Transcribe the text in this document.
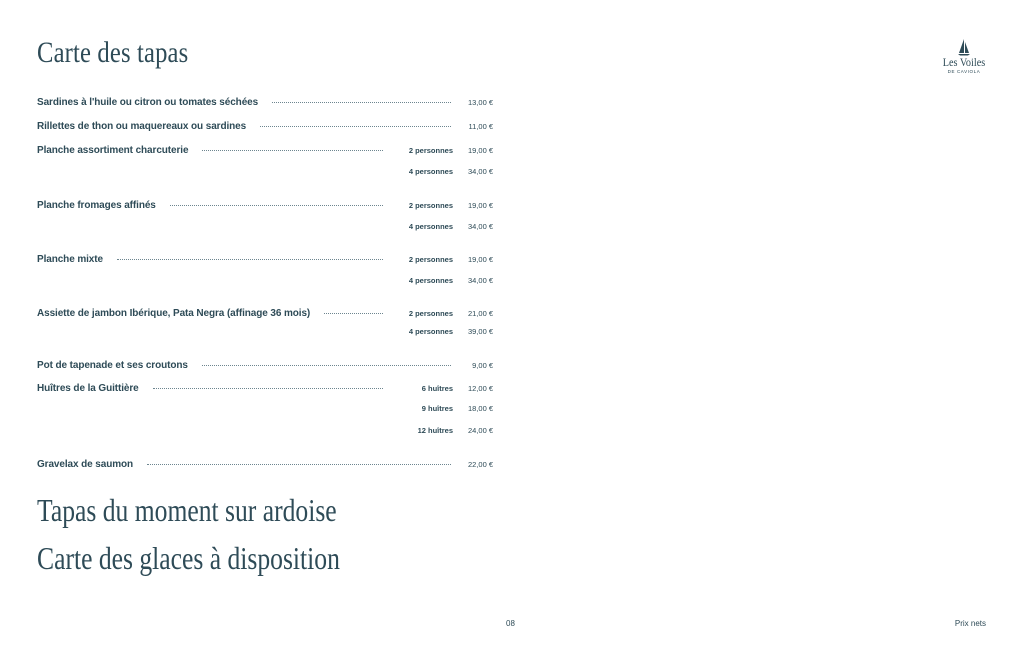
Carte des tapas	Les Voiles
DE CAVIOLA
Sardines à l'huile ou citron ou tomates séchées	13,00 €
Rillettes de thon ou maquereaux ou sardines	11,00 €
Planche assortiment charcuterie	2 personnes	19,00 €
4 personnes	34,00 €
Planche fromages affinés	2 personnes	19,00 €
4 personnes	34,00 €
Planche mixte	2 personnes	19,00 €
4 personnes	34,00 €
Assiette de jambon Ibérique, Pata Negra (affinage 36 mois)	2 personnes	21,00 €
4 personnes	39,00 €
Pot de tapenade et ses croutons	9,00 €
Huîtres de la Guittière	6 huîtres	12,00 €
9 huîtres	18,00 €
12 huîtres	24,00 €
Gravelax de saumon	22,00 €
Tapas du moment sur ardoise
Carte des glaces à disposition
08	Prix nets
